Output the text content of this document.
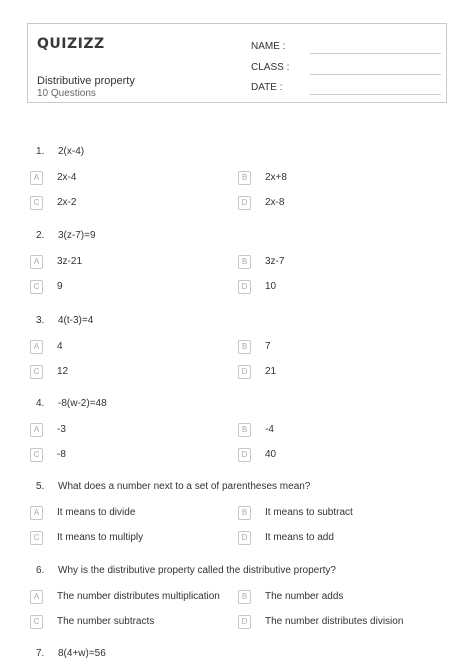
QUIZIZZ
Distributive property
10 Questions
NAME :
CLASS :
DATE :
1. 2(x-4)
A	2x-4	B	2x+8
C	2x-2	D	2x-8
2. 3(z-7)=9
A	3z-21	B	3z-7
C	9	D	10
3. 4(t-3)=4
A	4	B	7
C	12	D	21
4. -8(w-2)=48
A	-3	B	-4
C	-8	D	40
5. What does a number next to a set of parentheses mean?
A	It means to divide	B	It means to subtract
C	It means to multiply	D	It means to add
6. Why is the distributive property called the distributive property?
A	The number distributes multiplication	B	The number adds
C	The number subtracts	D	The number distributes division
7. 8(4+w)=56
